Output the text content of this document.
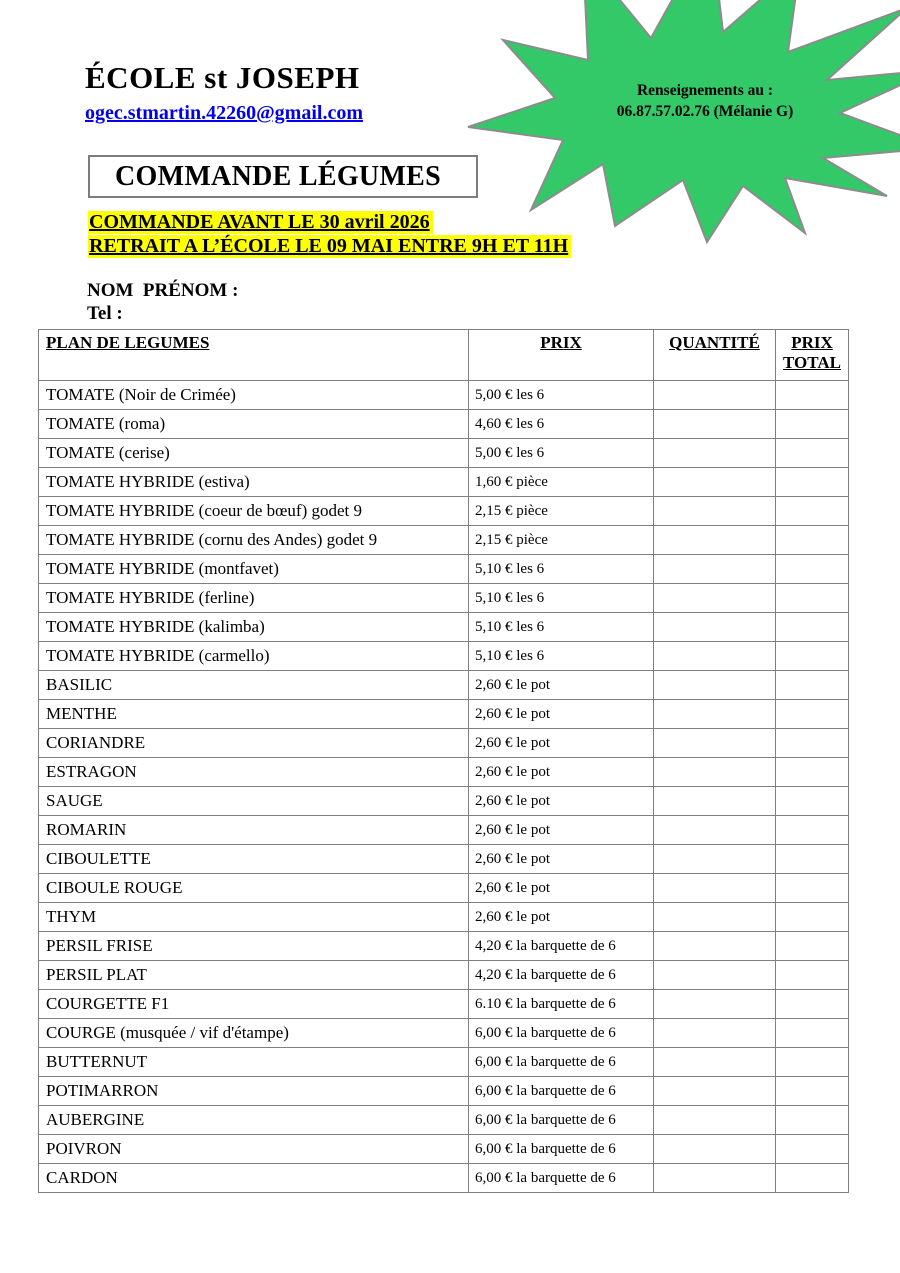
Renseignements au :
06.87.57.02.76 (Mélanie G)
ÉCOLE st JOSEPH
ogec.stmartin.42260@gmail.com
COMMANDE LÉGUMES
COMMANDE AVANT LE 30 avril 2026
RETRAIT A L’ÉCOLE LE 09 MAI ENTRE 9H ET 11H
NOM  PRÉNOM :
Tel :
PLAN DE LEGUMES	PRIX	QUANTITÉ	PRIX TOTAL
TOMATE (Noir de Crimée)	5,00 € les 6		
TOMATE (roma)	4,60 € les 6		
TOMATE (cerise)	5,00 € les 6		
TOMATE HYBRIDE (estiva)	1,60 € pièce		
TOMATE HYBRIDE (coeur de bœuf) godet 9	2,15 € pièce		
TOMATE HYBRIDE (cornu des Andes) godet 9	2,15 € pièce		
TOMATE HYBRIDE (montfavet)	5,10 € les 6		
TOMATE HYBRIDE (ferline)	5,10 € les 6		
TOMATE HYBRIDE (kalimba)	5,10 € les 6		
TOMATE HYBRIDE (carmello)	5,10 € les 6		
BASILIC	2,60 € le pot		
MENTHE	2,60 € le pot		
CORIANDRE	2,60 € le pot		
ESTRAGON	2,60 € le pot		
SAUGE	2,60 € le pot		
ROMARIN	2,60 € le pot		
CIBOULETTE	2,60 € le pot		
CIBOULE ROUGE	2,60 € le pot		
THYM	2,60 € le pot		
PERSIL FRISE	4,20 € la barquette de 6		
PERSIL PLAT	4,20 € la barquette de 6		
COURGETTE F1	6.10 € la barquette de 6		
COURGE (musquée / vif d'étampe)	6,00 € la barquette de 6		
BUTTERNUT	6,00 € la barquette de 6		
POTIMARRON	6,00 € la barquette de 6		
AUBERGINE	6,00 € la barquette de 6		
POIVRON	6,00 € la barquette de 6		
CARDON	6,00 € la barquette de 6		
